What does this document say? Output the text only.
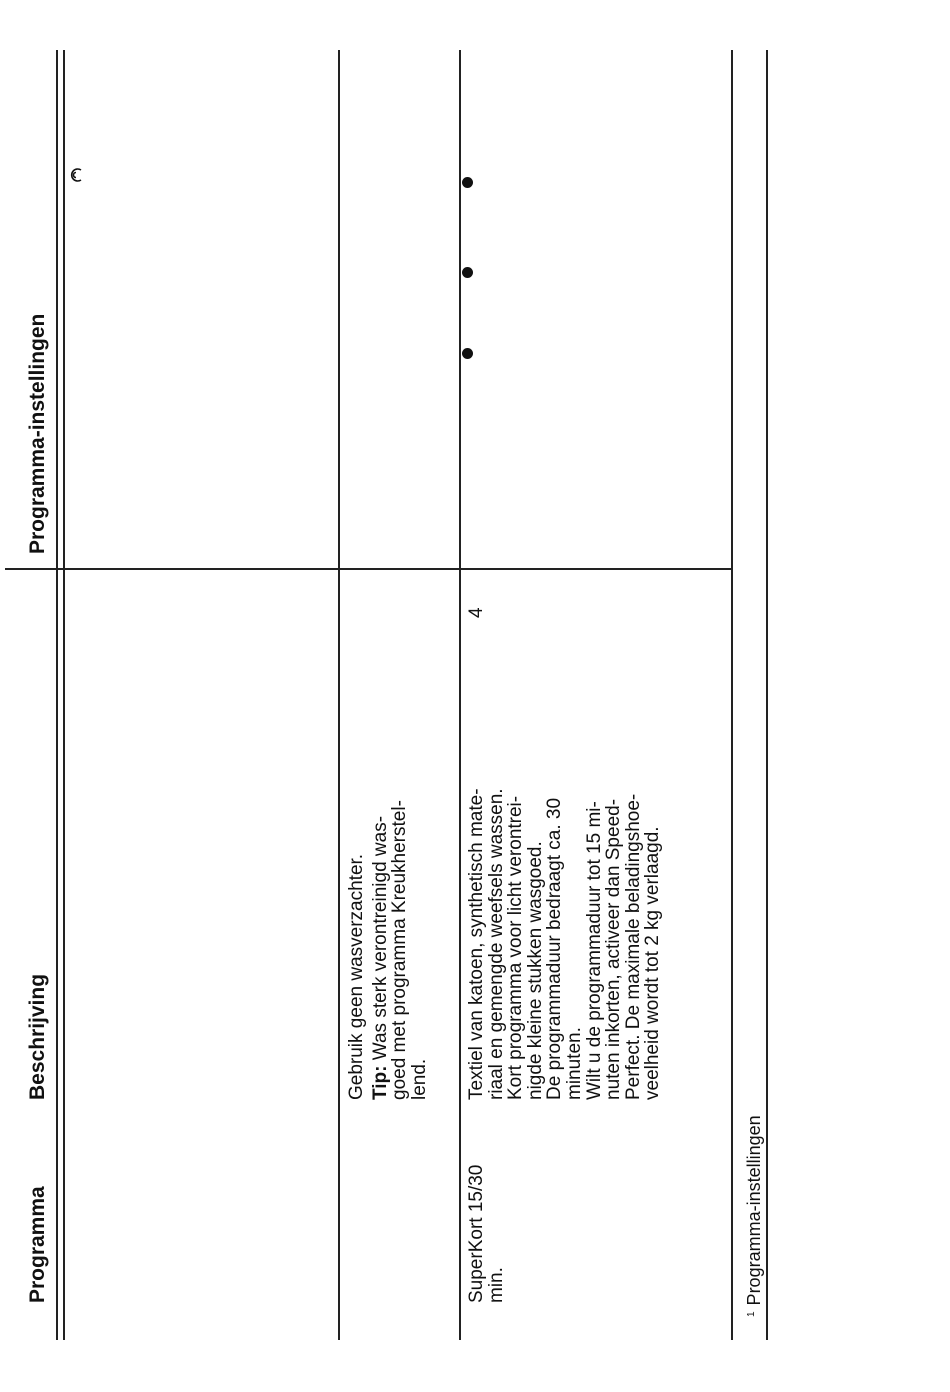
Programma
Beschrijving
Programma-instellingen
Gebruik geen wasverzachter. Tip: Was sterk verontreinigd was-
goed met programma Kreukherstel-
lend.
SuperKort 15/30
min.
Textiel van katoen, synthetisch mate-
riaal en gemengde weefsels wassen.
Kort programma voor licht verontrei-
nigde kleine stukken wasgoed.
De programmaduur bedraagt ca. 30
minuten.
Wilt u de programmaduur tot 15 mi-
nuten inkorten, activeer dan Speed-
Perfect. De maximale beladingshoe-
veelheid wordt tot 2 kg verlaagd.
4
$^1$Programma-instellingen
